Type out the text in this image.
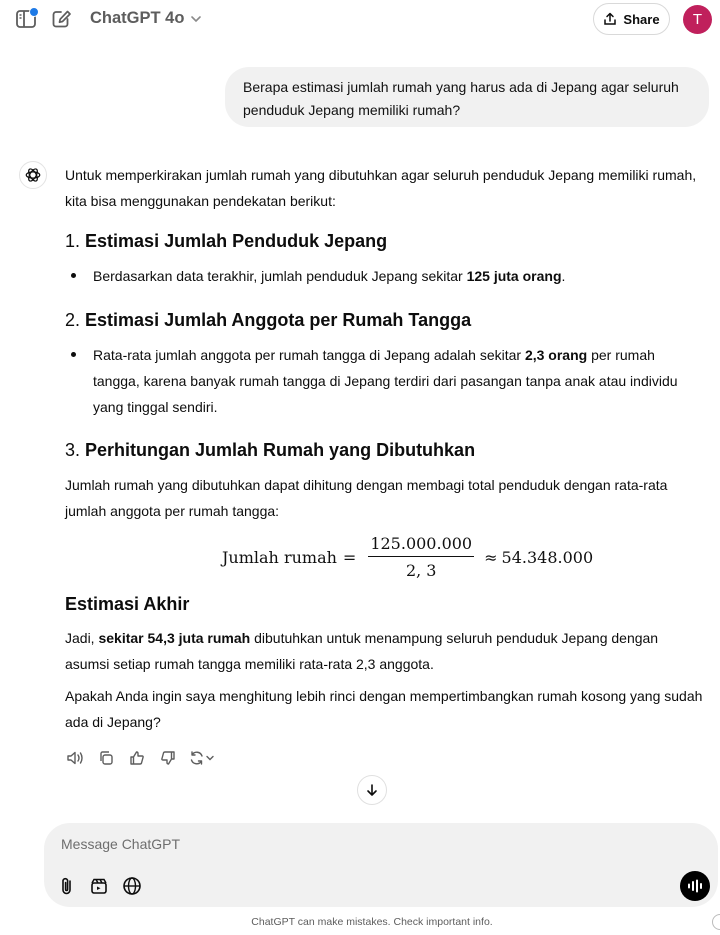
ChatGPT 4o	Share T
Berapa estimasi jumlah rumah yang harus ada di Jepang agar seluruh penduduk Jepang memiliki rumah?
Untuk memperkirakan jumlah rumah yang dibutuhkan agar seluruh penduduk Jepang memiliki rumah, kita bisa menggunakan pendekatan berikut:
1. Estimasi Jumlah Penduduk Jepang
Berdasarkan data terakhir, jumlah penduduk Jepang sekitar 125 juta orang.
2. Estimasi Jumlah Anggota per Rumah Tangga
Rata-rata jumlah anggota per rumah tangga di Jepang adalah sekitar 2,3 orang per rumah tangga, karena banyak rumah tangga di Jepang terdiri dari pasangan tanpa anak atau individu yang tinggal sendiri.
3. Perhitungan Jumlah Rumah yang Dibutuhkan
Jumlah rumah yang dibutuhkan dapat dihitung dengan membagi total penduduk dengan rata-rata jumlah anggota per rumah tangga:
Jumlah rumah = $\frac{125.000.000}{2, 3} \approx 54.348.000$
Estimasi Akhir
Jadi, sekitar 54,3 juta rumah dibutuhkan untuk menampung seluruh penduduk Jepang dengan asumsi setiap rumah tangga memiliki rata-rata 2,3 anggota.
Apakah Anda ingin saya menghitung lebih rinci dengan mempertimbangkan rumah kosong yang sudah ada di Jepang?
Message ChatGPT
ChatGPT can make mistakes. Check important info.
